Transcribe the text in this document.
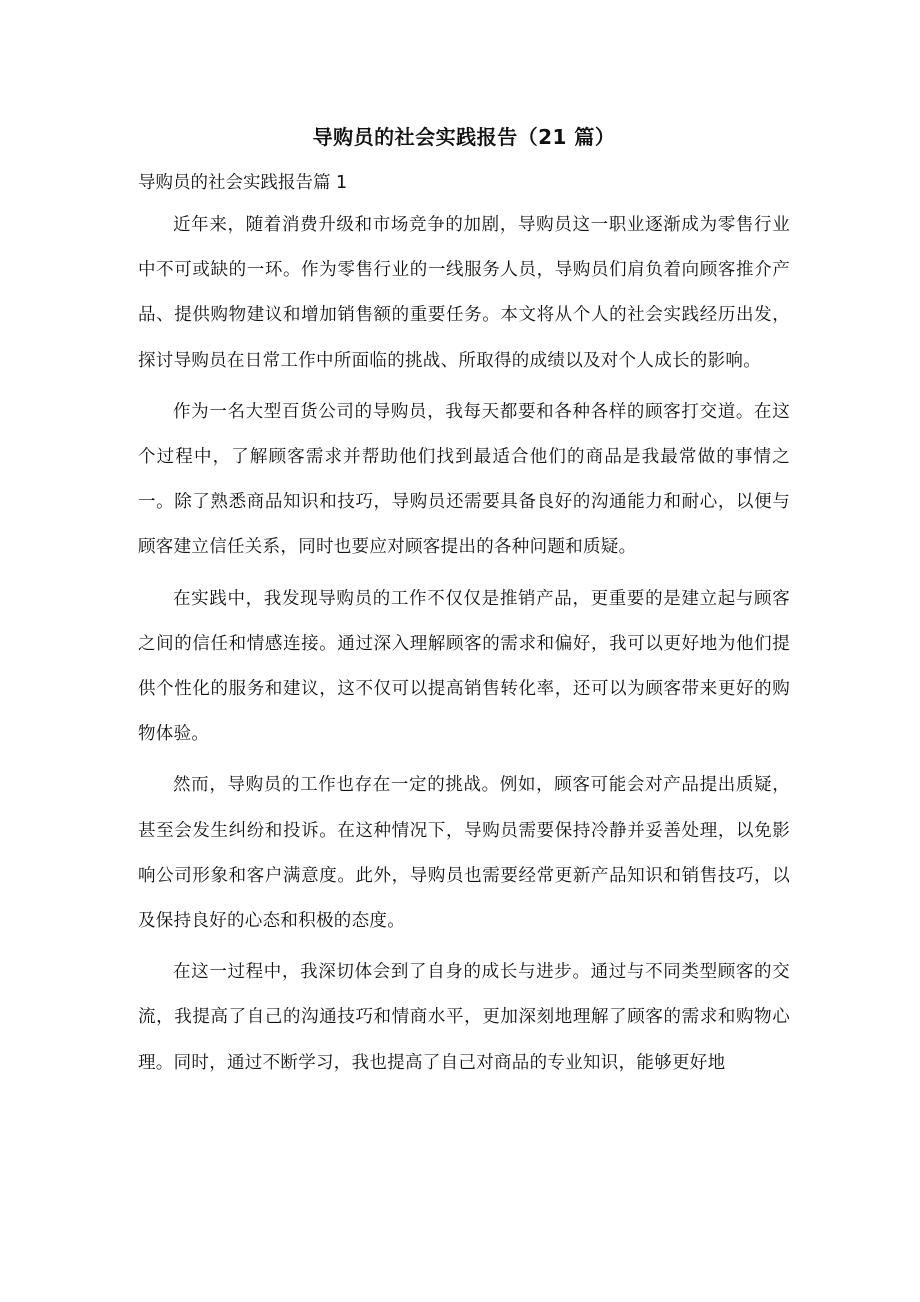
导购员的社会实践报告（21 篇）
导购员的社会实践报告篇 1

近年来，随着消费升级和市场竞争的加剧，导购员这一职业逐渐成为零售行业中不可或缺的一环。作为零售行业的一线服务人员，导购员们肩负着向顾客推介产品、提供购物建议和增加销售额的重要任务。本文将从个人的社会实践经历出发，探讨导购员在日常工作中所面临的挑战、所取得的成绩以及对个人成长的影响。

作为一名大型百货公司的导购员，我每天都要和各种各样的顾客打交道。在这个过程中，了解顾客需求并帮助他们找到最适合他们的商品是我最常做的事情之一。除了熟悉商品知识和技巧，导购员还需要具备良好的沟通能力和耐心，以便与顾客建立信任关系，同时也要应对顾客提出的各种问题和质疑。

在实践中，我发现导购员的工作不仅仅是推销产品，更重要的是建立起与顾客之间的信任和情感连接。通过深入理解顾客的需求和偏好，我可以更好地为他们提供个性化的服务和建议，这不仅可以提高销售转化率，还可以为顾客带来更好的购物体验。

然而，导购员的工作也存在一定的挑战。例如，顾客可能会对产品提出质疑，甚至会发生纠纷和投诉。在这种情况下，导购员需要保持冷静并妥善处理，以免影响公司形象和客户满意度。此外，导购员也需要经常更新产品知识和销售技巧，以及保持良好的心态和积极的态度。

在这一过程中，我深切体会到了自身的成长与进步。通过与不同类型顾客的交流，我提高了自己的沟通技巧和情商水平，更加深刻地理解了顾客的需求和购物心理。同时，通过不断学习，我也提高了自己对商品的专业知识，能够更好地
